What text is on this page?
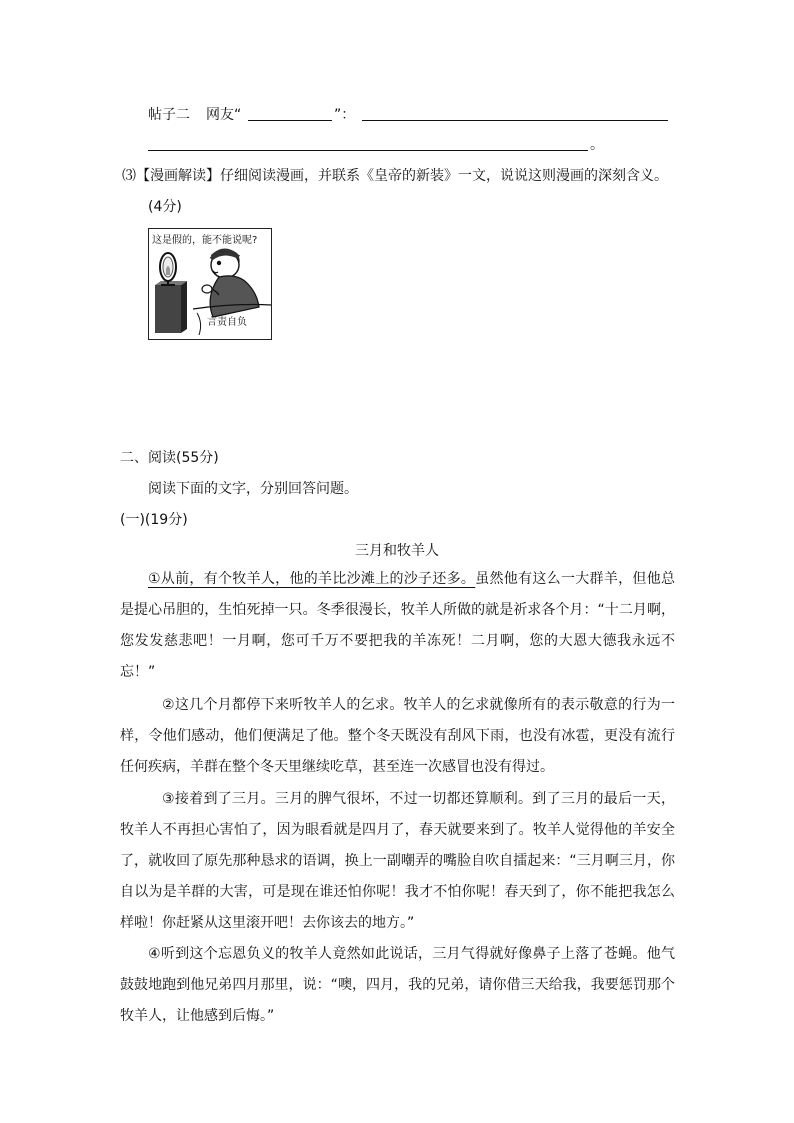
帖子二 网友“	”：
。
⑶【漫画解读】仔细阅读漫画，并联系《皇帝的新装》一文，说说这则漫画的深刻含义。
(4分)
这是假的，能不能说呢?
言责自负
二、阅读(55分)
阅读下面的文字，分别回答问题。
(一)(19分)
三月和牧羊人
①从前，有个牧羊人，他的羊比沙滩上的沙子还多。虽然他有这么一大群羊，但他总是提心吊胆的，生怕死掉一只。冬季很漫长，牧羊人所做的就是祈求各个月：“十二月啊，您发发慈悲吧！一月啊，您可千万不要把我的羊冻死！二月啊，您的大恩大德我永远不忘！”
②这几个月都停下来听牧羊人的乞求。牧羊人的乞求就像所有的表示敬意的行为一样，令他们感动，他们便满足了他。整个冬天既没有刮风下雨，也没有冰雹，更没有流行任何疾病，羊群在整个冬天里继续吃草，甚至连一次感冒也没有得过。
③接着到了三月。三月的脾气很坏，不过一切都还算顺利。到了三月的最后一天，牧羊人不再担心害怕了，因为眼看就是四月了，春天就要来到了。牧羊人觉得他的羊安全了，就收回了原先那种恳求的语调，换上一副嘲弄的嘴脸自吹自擂起来：“三月啊三月，你自以为是羊群的大害，可是现在谁还怕你呢！我才不怕你呢！春天到了，你不能把我怎么样啦！你赶紧从这里滚开吧！去你该去的地方。”
④听到这个忘恩负义的牧羊人竟然如此说话，三月气得就好像鼻子上落了苍蝇。他气鼓鼓地跑到他兄弟四月那里，说：“噢，四月，我的兄弟，请你借三天给我，我要惩罚那个牧羊人，让他感到后悔。”
